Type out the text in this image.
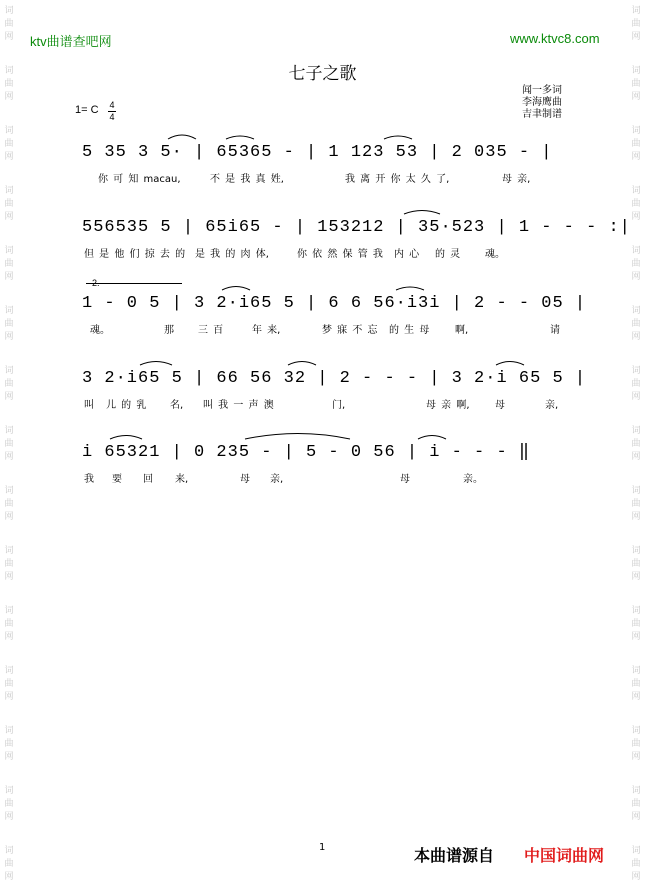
词
曲
网
词
曲
网
词
曲
网
词
曲
网
词
曲
网
词
曲
网
词
曲
网
词
曲
网
词
曲
网
词
曲
网
词
曲
网
词
曲
网
词
曲
网
词
曲
网
词
曲
网
词
曲
网
词
曲
网
词
曲
网
词
曲
网
词
曲
网
词
曲
网
词
曲
网
词
曲
网
词
曲
网
词
曲
网
词
曲
网
词
曲
网
词
曲
网
词
曲
网
词
曲
网
ktv曲谱查吧网	www.ktvc8.com
七子之歌
闻一多词
李海鹰曲
吉聿制谱
1= C 4
4
5 35 3 5· | 65365 - | 1 123 53 | 2 035 - |
你 可 知 macau,	不 是 我 真 姓,	我 离 开 你 太 久 了,	母 亲,
556535 5 | 65i65 - | 153212 | 35·523 | 1 - - - :|
但 是 他 们 掠 去 的 是 我 的 肉 体,	你 依 然 保 管 我 内 心 的 灵 魂。
2.
1 - 0 5 | 3 2·i65 5 | 6 6 56·i3i | 2 - - 05 |
魂。	那 三 百	年 来,	梦 寐 不 忘 的 生 母	啊,	请
3 2·i65 5 | 66 56 32 | 2 - - - | 3 2·i 65 5 |
叫 儿 的 乳 名, 叫 我 一 声 澳	门,	母 亲 啊,	母	亲,
i 65321 | 0 235 - | 5 - 0 56 | i - - - ‖
我 要 回 来,	母 亲,	母	亲。
1	本曲谱源自 中国词曲网
